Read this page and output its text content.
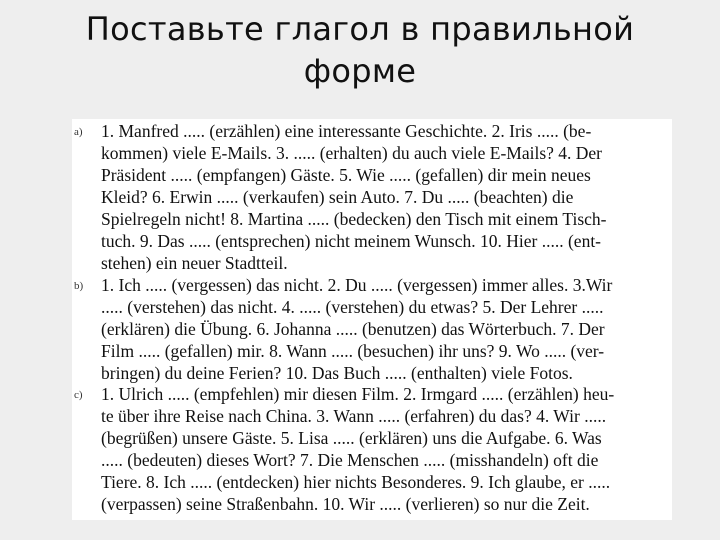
Поставьте глагол в правильной
форме
a) 1. Manfred ..... (erzählen) eine interessante Geschichte. 2. Iris ..... (be-
kommen) viele E-Mails. 3. ..... (erhalten) du auch viele E-Mails? 4. Der
Präsident ..... (empfangen) Gäste. 5. Wie ..... (gefallen) dir mein neues
Kleid? 6. Erwin ..... (verkaufen) sein Auto. 7. Du ..... (beachten) die
Spielregeln nicht! 8. Martina ..... (bedecken) den Tisch mit einem Tisch-
tuch. 9. Das ..... (entsprechen) nicht meinem Wunsch. 10. Hier ..... (ent-
stehen) ein neuer Stadtteil.
b) 1. Ich ..... (vergessen) das nicht. 2. Du ..... (vergessen) immer alles. 3.Wir
..... (verstehen) das nicht. 4. ..... (verstehen) du etwas? 5. Der Lehrer .....
(erklären) die Übung. 6. Johanna ..... (benutzen) das Wörterbuch. 7. Der
Film ..... (gefallen) mir. 8. Wann ..... (besuchen) ihr uns? 9. Wo ..... (ver-
bringen) du deine Ferien? 10. Das Buch ..... (enthalten) viele Fotos.
c) 1. Ulrich ..... (empfehlen) mir diesen Film. 2. Irmgard ..... (erzählen) heu-
te über ihre Reise nach China. 3. Wann ..... (erfahren) du das? 4. Wir .....
(begrüßen) unsere Gäste. 5. Lisa ..... (erklären) uns die Aufgabe. 6. Was
..... (bedeuten) dieses Wort? 7. Die Menschen ..... (misshandeln) oft die
Tiere. 8. Ich ..... (entdecken) hier nichts Besonderes. 9. Ich glaube, er .....
(verpassen) seine Straßenbahn. 10. Wir ..... (verlieren) so nur die Zeit.
